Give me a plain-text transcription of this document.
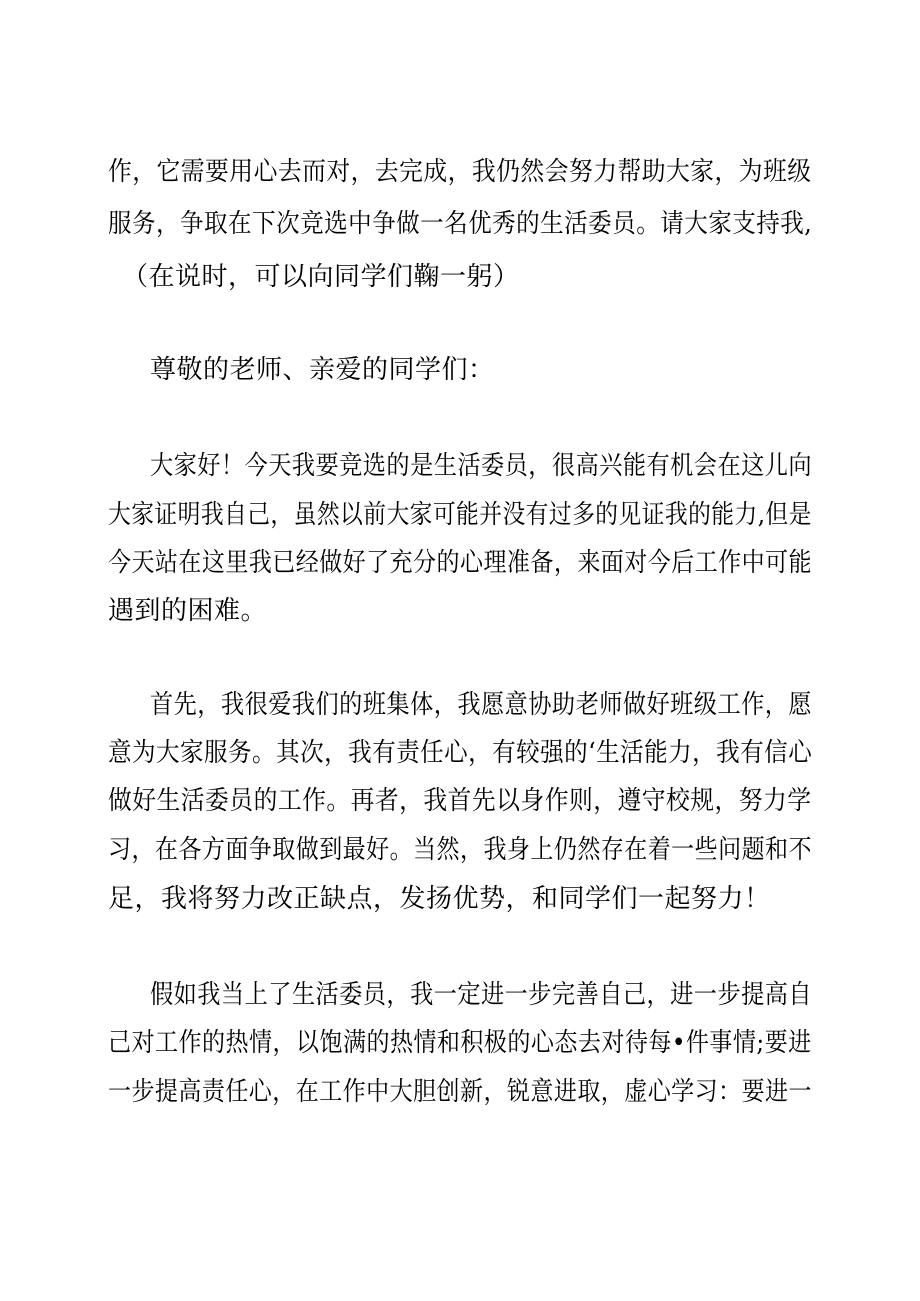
作，它需要用心去而对，去完成，我仍然会努力帮助大家，为班级
服务，争取在下次竞选中争做一名优秀的生活委员。请大家支持我,
（在说时，可以向同学们鞠一躬）
尊敬的老师、亲爱的同学们：
大家好！今天我要竞选的是生活委员，很高兴能有机会在这儿向
大家证明我自己，虽然以前大家可能并没有过多的见证我的能力,但是
今天站在这里我已经做好了充分的心理准备，来面对今后工作中可能
遇到的困难。
首先，我很爱我们的班集体，我愿意协助老师做好班级工作，愿
意为大家服务。其次，我有责任心，有较强的‘生活能力，我有信心
做好生活委员的工作。再者，我首先以身作则，遵守校规，努力学
习，在各方面争取做到最好。当然，我身上仍然存在着一些问题和不
足，我将努力改正缺点，发扬优势，和同学们一起努力！
假如我当上了生活委员，我一定进一步完善自己，进一步提高自
己对工作的热情，以饱满的热情和积极的心态去对待每•件事情;要进
一步提高责任心，在工作中大胆创新，锐意进取，虚心学习：要进一
